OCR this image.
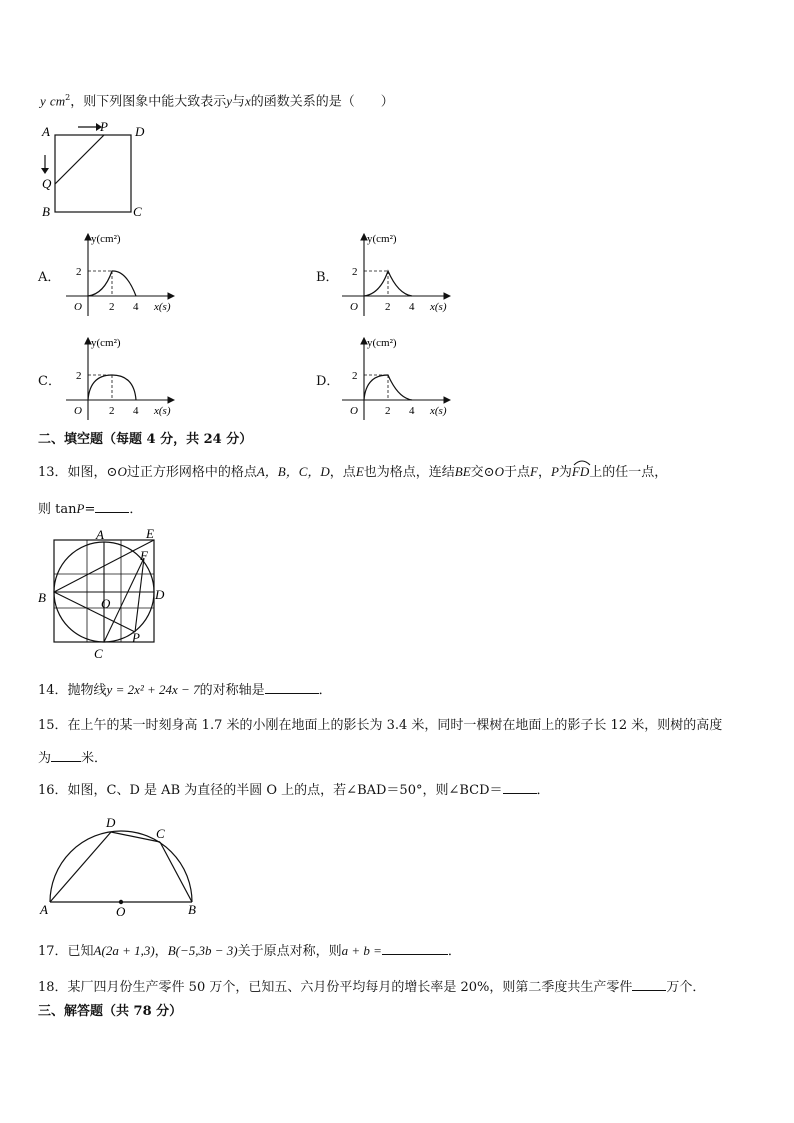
y $cm^2$，则下列图象中能大致表示y与x的函数关系的是（　　）
A	P D
Q
B	C
A．
y(cm²)
2
O 2 4 x(s)
B．
y(cm²)
2
O 2 4 x(s)
C．
y(cm²)
2
O 2 4 x(s)
D．
y(cm²)
2
O 2 4 x(s)
二、填空题（每题 4 分，共 24 分）
13．如图，⊙O过正方形网格中的格点A，B，C，D，点E也为格点，连结BE交⊙O于点F，P为FD
上的任一点，
则 tanP=	．
A	E
F
B	O
D
P
C
14．抛物线y = 2x² + 24x − 7的对称轴是	．
15．在上午的某一时刻身高 1.7 米的小刚在地面上的影长为 3.4 米，同时一棵树在地面上的影子长 12 米，则树的高度
为 米．
16．如图，C、D 是 AB 为直径的半圆 O 上的点，若∠BAD＝50°，则∠BCD＝	．
D
C
A	O	B
17．已知A(2a + 1,3)，B(−5,3b − 3)关于原点对称，则a + b =	．
18．某厂四月份生产零件 50 万个，已知五、六月份平均每月的增长率是 20%，则第二季度共生产零件	万个．
三、解答题（共 78 分）
